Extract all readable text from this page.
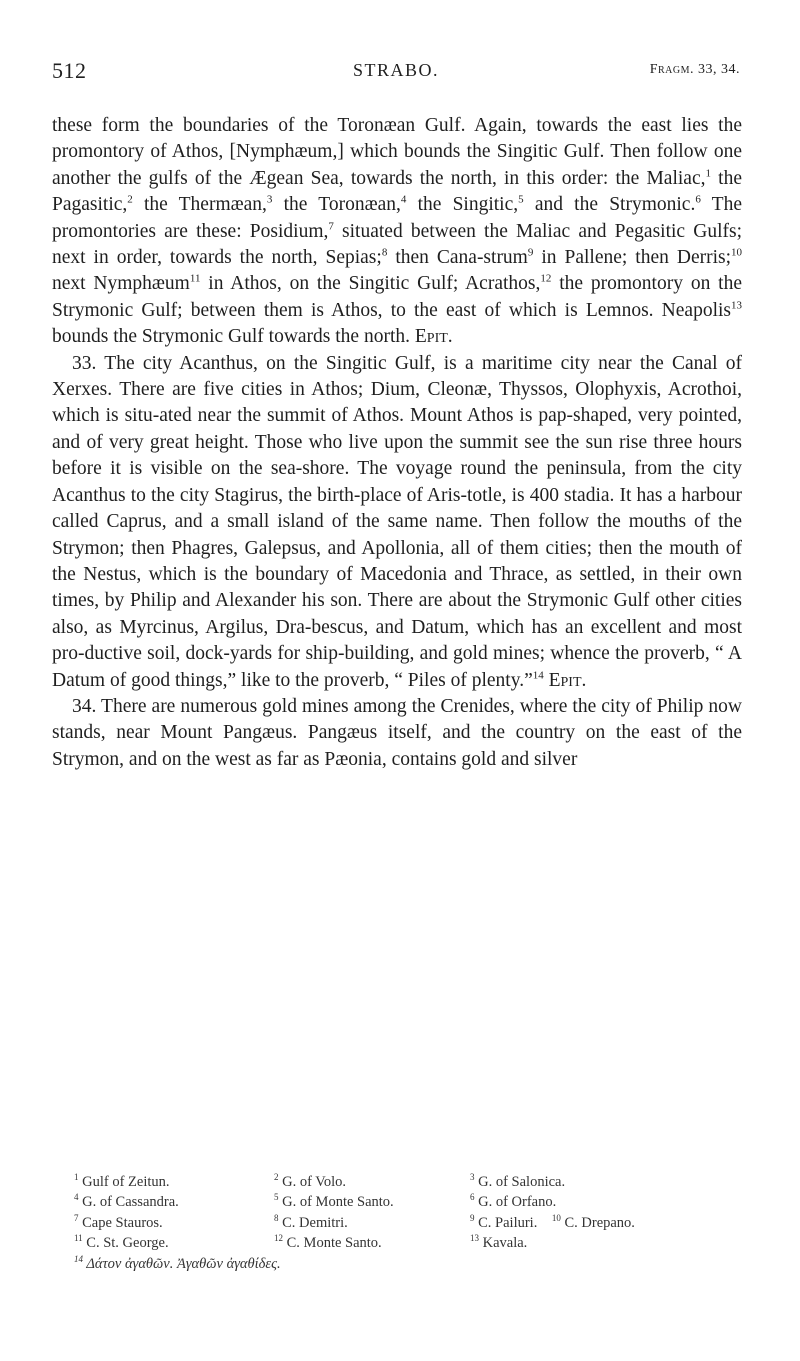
512	STRABO.	Fragm. 33, 34.

these form the boundaries of the Toronæan Gulf. Again, towards the east lies the promontory of Athos, [Nymphæum,] which bounds the Singitic Gulf. Then follow one another the gulfs of the Ægean Sea, towards the north, in this order: the Maliac,$^1$ the Pagasitic,$^2$ the Thermæan,$^3$ the Toronæan,$^4$ the Singitic,$^5$ and the Strymonic.$^6$ The promontories are these: Posidium,$^7$ situated between the Maliac and Pegasitic Gulfs; next in order, towards the north, Sepias;$^8$ then Cana-strum$^9$ in Pallene; then Derris;$^{10}$ next Nymphæum$^{11}$ in Athos, on the Singitic Gulf; Acrathos,$^{12}$ the promontory on the Strymonic Gulf; between them is Athos, to the east of which is Lemnos. Neapolis$^{13}$ bounds the Strymonic Gulf towards the north. Epit.

33. The city Acanthus, on the Singitic Gulf, is a maritime city near the Canal of Xerxes. There are five cities in Athos; Dium, Cleonæ, Thyssos, Olophyxis, Acrothoi, which is situ-ated near the summit of Athos. Mount Athos is pap-shaped, very pointed, and of very great height. Those who live upon the summit see the sun rise three hours before it is visible on the sea-shore. The voyage round the peninsula, from the city Acanthus to the city Stagirus, the birth-place of Aris-totle, is 400 stadia. It has a harbour called Caprus, and a small island of the same name. Then follow the mouths of the Strymon; then Phagres, Galepsus, and Apollonia, all of them cities; then the mouth of the Nestus, which is the boundary of Macedonia and Thrace, as settled, in their own times, by Philip and Alexander his son. There are about the Strymonic Gulf other cities also, as Myrcinus, Argilus, Dra-bescus, and Datum, which has an excellent and most pro-ductive soil, dock-yards for ship-building, and gold mines; whence the proverb, “ A Datum of good things,” like to the proverb, “ Piles of plenty.”$^{14}$ Epit.

34. There are numerous gold mines among the Crenides, where the city of Philip now stands, near Mount Pangæus. Pangæus itself, and the country on the east of the Strymon, and on the west as far as Pæonia, contains gold and silver

$^1$ Gulf of Zeitun.	$^2$ G. of Volo.	$^3$ G. of Salonica.
$^4$ G. of Cassandra.	$^5$ G. of Monte Santo.	$^6$ G. of Orfano.
$^7$ Cape Stauros.	$^8$ C. Demitri.	$^9$ C. Pailuri. $^{10}$ C. Drepano.
$^{11}$ C. St. George.	$^{12}$ C. Monte Santo.	$^{13}$ Kavala.
$^{14}$ Δάτον ἀγαθῶν. Ἀγαθῶν ἀγαθίδες.
